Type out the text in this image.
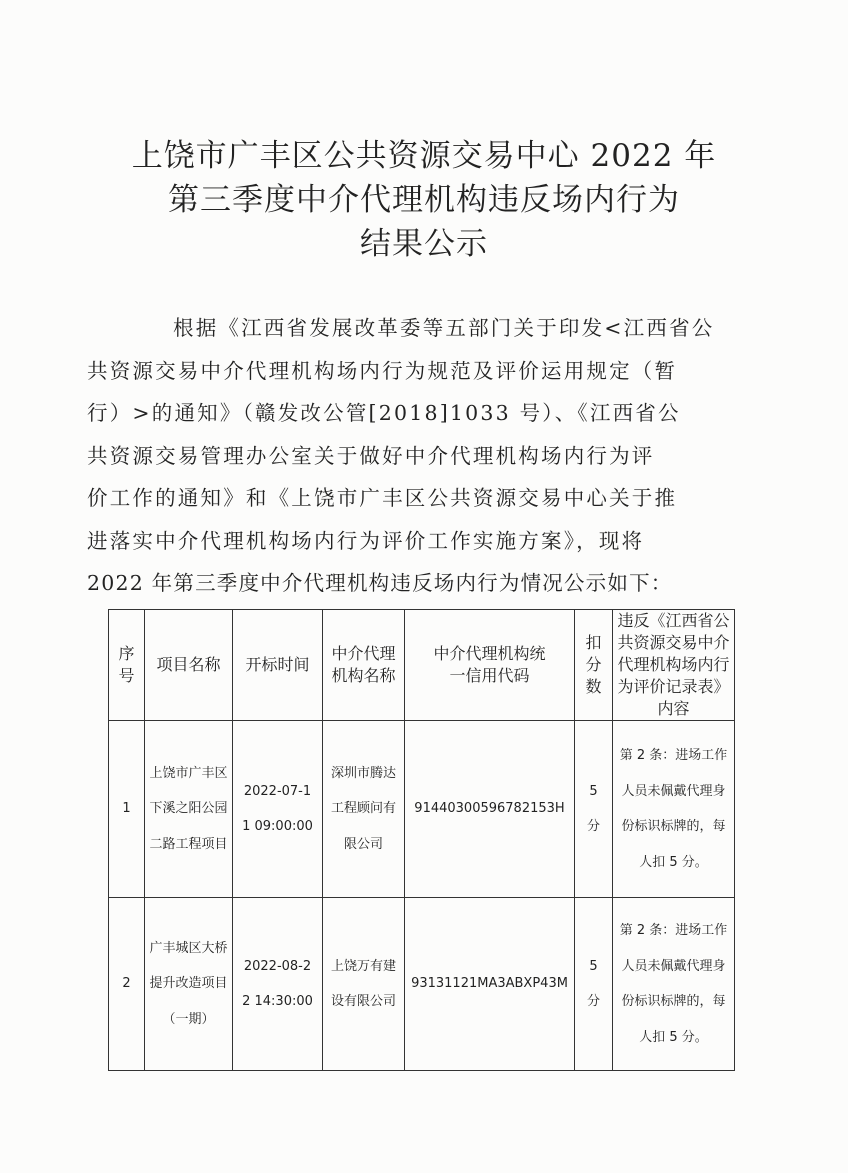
上饶市广丰区公共资源交易中心 2022 年
第三季度中介代理机构违反场内行为
结果公示
根据《江西省发展改革委等五部门关于印发<江西省公
共资源交易中介代理机构场内行为规范及评价运用规定（暂
行）>的通知》（赣发改公管[2018]1033 号）、《江西省公
共资源交易管理办公室关于做好中介代理机构场内行为评
价工作的通知》和《上饶市广丰区公共资源交易中心关于推
进落实中介代理机构场内行为评价工作实施方案》，现将
2022 年第三季度中介代理机构违反场内行为情况公示如下：
序号	项目名称	开标时间	中介代理机构名称	中介代理机构统一信用代码	扣分数	违反《江西省公共资源交易中介代理机构场内行为评价记录表》内容

1	上饶市广丰区下溪之阳公园二路工程项目	2022-07-11 09:00:00	深圳市腾达工程顾问有限公司	91440300596782153H	5分	第 2 条：进场工作人员未佩戴代理身份标识标牌的，每人扣 5 分。

2	广丰城区大桥提升改造项目（一期）	2022-08-22 14:30:00	上饶万有建设有限公司	93131121MA3ABXP43M	5分	第 2 条：进场工作人员未佩戴代理身份标识标牌的，每人扣 5 分。
